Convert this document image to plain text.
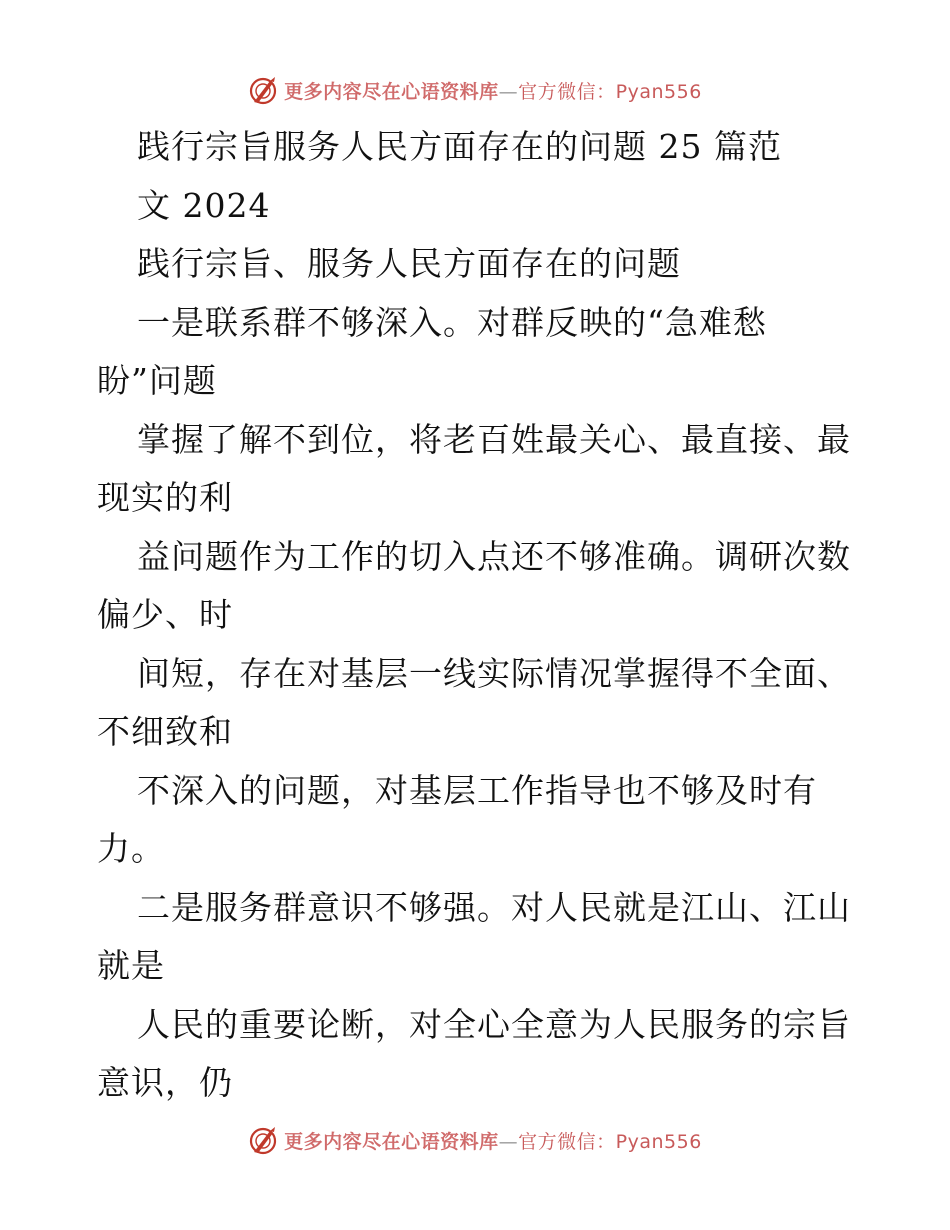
更多内容尽在心语资料库—官方微信：Pyan556
践行宗旨服务人民方面存在的问题 25 篇范
文 2024
践行宗旨、服务人民方面存在的问题
一是联系群不够深入。对群反映的“急难愁
盼”问题
掌握了解不到位，将老百姓最关心、最直接、最
现实的利
益问题作为工作的切入点还不够准确。调研次数
偏少、时
间短，存在对基层一线实际情况掌握得不全面、
不细致和
不深入的问题，对基层工作指导也不够及时有
力。
二是服务群意识不够强。对人民就是江山、江山
就是
人民的重要论断，对全心全意为人民服务的宗旨
意识，仍
更多内容尽在心语资料库—官方微信：Pyan556
